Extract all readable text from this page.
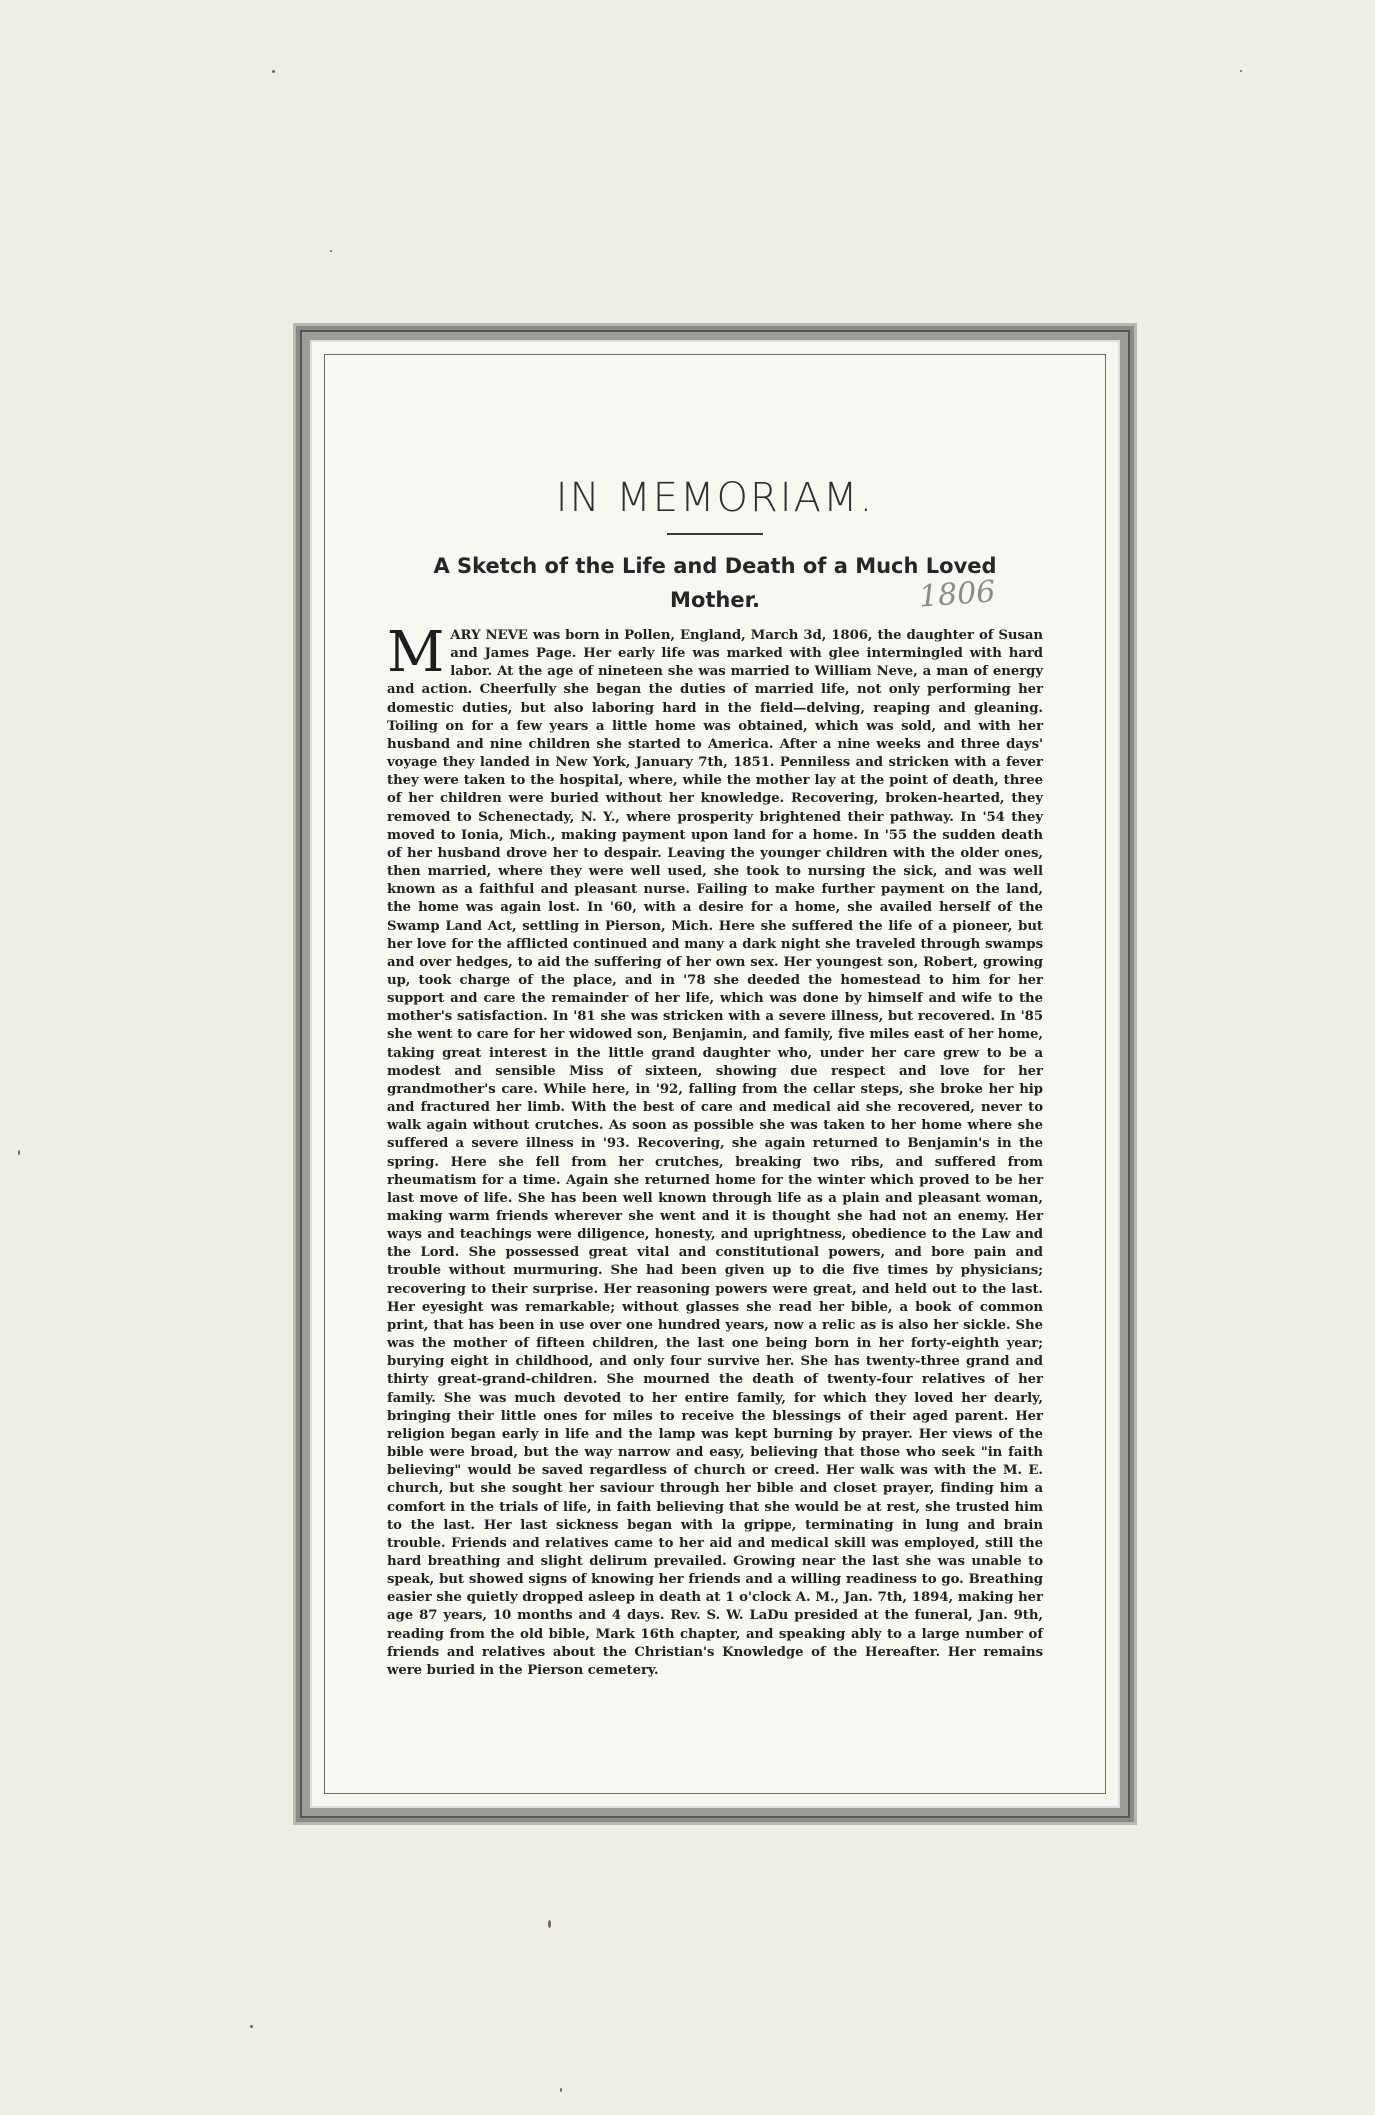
IN MEMORIAM.
A Sketch of the Life and Death of a Much Loved Mother.	1806
MARY NEVE was born in Pollen, England, March 3d, 1806, the daughter of Susan and James Page. Her early life was marked with glee intermingled with hard labor. At the age of nineteen she was married to William Neve, a man of energy and action. Cheerfully she began the duties of married life, not only performing her domestic duties, but also laboring hard in the field—delving, reaping and gleaning. Toiling on for a few years a little home was obtained, which was sold, and with her husband and nine children she started to America. After a nine weeks and three days' voyage they landed in New York, January 7th, 1851. Penniless and stricken with a fever they were taken to the hospital, where, while the mother lay at the point of death, three of her children were buried without her knowledge. Recovering, broken-hearted, they removed to Schenectady, N. Y., where prosperity brightened their pathway. In '54 they moved to Ionia, Mich., making payment upon land for a home. In '55 the sudden death of her husband drove her to despair. Leaving the younger children with the older ones, then married, where they were well used, she took to nursing the sick, and was well known as a faithful and pleasant nurse. Failing to make further payment on the land, the home was again lost. In '60, with a desire for a home, she availed herself of the Swamp Land Act, settling in Pierson, Mich. Here she suffered the life of a pioneer, but her love for the afflicted continued and many a dark night she traveled through swamps and over hedges, to aid the suffering of her own sex. Her youngest son, Robert, growing up, took charge of the place, and in '78 she deeded the homestead to him for her support and care the remainder of her life, which was done by himself and wife to the mother's satisfaction. In '81 she was stricken with a severe illness, but recovered. In '85 she went to care for her widowed son, Benjamin, and family, five miles east of her home, taking great interest in the little grand daughter who, under her care grew to be a modest and sensible Miss of sixteen, showing due respect and love for her grandmother's care. While here, in '92, falling from the cellar steps, she broke her hip and fractured her limb. With the best of care and medical aid she recovered, never to walk again without crutches. As soon as possible she was taken to her home where she suffered a severe illness in '93. Recovering, she again returned to Benjamin's in the spring. Here she fell from her crutches, breaking two ribs, and suffered from rheumatism for a time. Again she returned home for the winter which proved to be her last move of life. She has been well known through life as a plain and pleasant woman, making warm friends wherever she went and it is thought she had not an enemy. Her ways and teachings were diligence, honesty, and uprightness, obedience to the Law and the Lord. She possessed great vital and constitutional powers, and bore pain and trouble without murmuring. She had been given up to die five times by physicians; recovering to their surprise. Her reasoning powers were great, and held out to the last. Her eyesight was remarkable; without glasses she read her bible, a book of common print, that has been in use over one hundred years, now a relic as is also her sickle. She was the mother of fifteen children, the last one being born in her forty-eighth year; burying eight in childhood, and only four survive her. She has twenty-three grand and thirty great-grand-children. She mourned the death of twenty-four relatives of her family. She was much devoted to her entire family, for which they loved her dearly, bringing their little ones for miles to receive the blessings of their aged parent. Her religion began early in life and the lamp was kept burning by prayer. Her views of the bible were broad, but the way narrow and easy, believing that those who seek "in faith believing" would be saved regardless of church or creed. Her walk was with the M. E. church, but she sought her saviour through her bible and closet prayer, finding him a comfort in the trials of life, in faith believing that she would be at rest, she trusted him to the last. Her last sickness began with la grippe, terminating in lung and brain trouble. Friends and relatives came to her aid and medical skill was employed, still the hard breathing and slight delirum prevailed. Growing near the last she was unable to speak, but showed signs of knowing her friends and a willing readiness to go. Breathing easier she quietly dropped asleep in death at 1 o'clock A. M., Jan. 7th, 1894, making her age 87 years, 10 months and 4 days. Rev. S. W. LaDu presided at the funeral, Jan. 9th, reading from the old bible, Mark 16th chapter, and speaking ably to a large number of friends and relatives about the Christian's Knowledge of the Hereafter. Her remains were buried in the Pierson cemetery.
